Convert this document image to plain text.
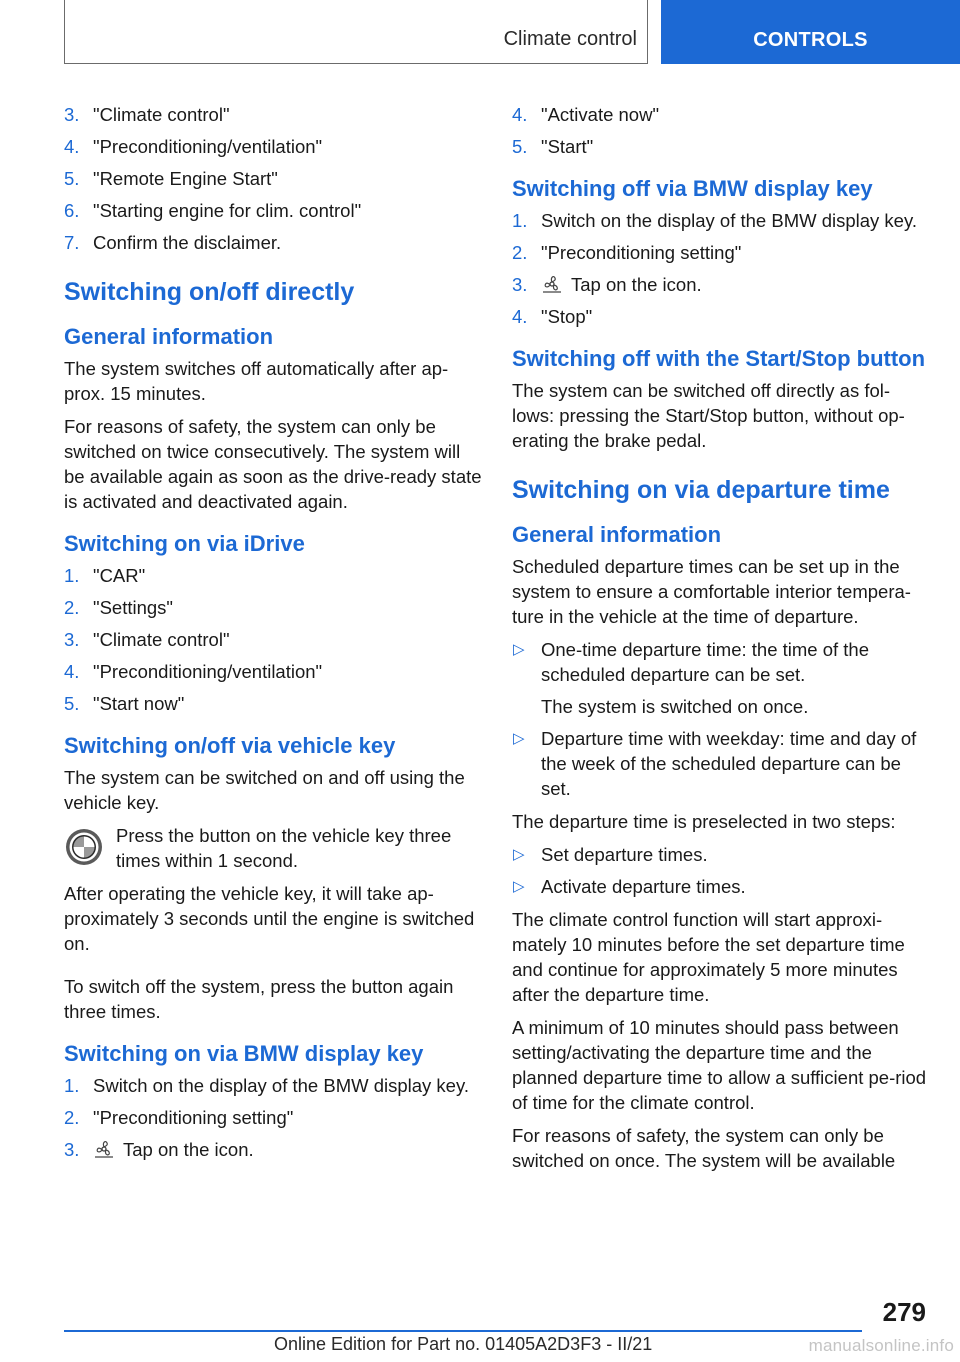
Climate control	CONTROLS
3. "Climate control"
4. "Preconditioning/ventilation"
5. "Remote Engine Start"
6. "Starting engine for clim. control"
7. Confirm the disclaimer.
Switching on/off directly
General information

The system switches off automatically after ap-prox. 15 minutes.

For reasons of safety, the system can only be switched on twice consecutively. The system will be available again as soon as the drive-ready state is activated and deactivated again.

Switching on via iDrive
1. "CAR"
2. "Settings"
3. "Climate control"
4. "Preconditioning/ventilation"
5. "Start now"
Switching on/off via vehicle key

The system can be switched on and off using the vehicle key.

Press the button on the vehicle key three times within 1 second.

After operating the vehicle key, it will take ap-proximately 3 seconds until the engine is switched on.

To switch off the system, press the button again three times.

Switching on via BMW display key
1. Switch on the display of the BMW display key.
2. "Preconditioning setting"
3. Tap on the icon.
4. "Activate now"
5. "Start"
Switching off via BMW display key
1. Switch on the display of the BMW display key.
2. "Preconditioning setting"
3. Tap on the icon.
4. "Stop"
Switching off with the Start/Stop button

The system can be switched off directly as fol-lows: pressing the Start/Stop button, without op-erating the brake pedal.

Switching on via departure time
General information

Scheduled departure times can be set up in the system to ensure a comfortable interior tempera-ture in the vehicle at the time of departure.

▷ One-time departure time: the time of the scheduled departure can be set.
The system is switched on once.
▷ Departure time with weekday: time and day of the week of the scheduled departure can be set.

The departure time is preselected in two steps:

▷ Set departure times.
▷ Activate departure times.

The climate control function will start approxi-mately 10 minutes before the set departure time and continue for approximately 5 more minutes after the departure time.

A minimum of 10 minutes should pass between setting/activating the departure time and the planned departure time to allow a sufficient pe-riod of time for the climate control.

For reasons of safety, the system can only be switched on once. The system will be available

279
Online Edition for Part no. 01405A2D3F3 - II/21	manualsonline.info
